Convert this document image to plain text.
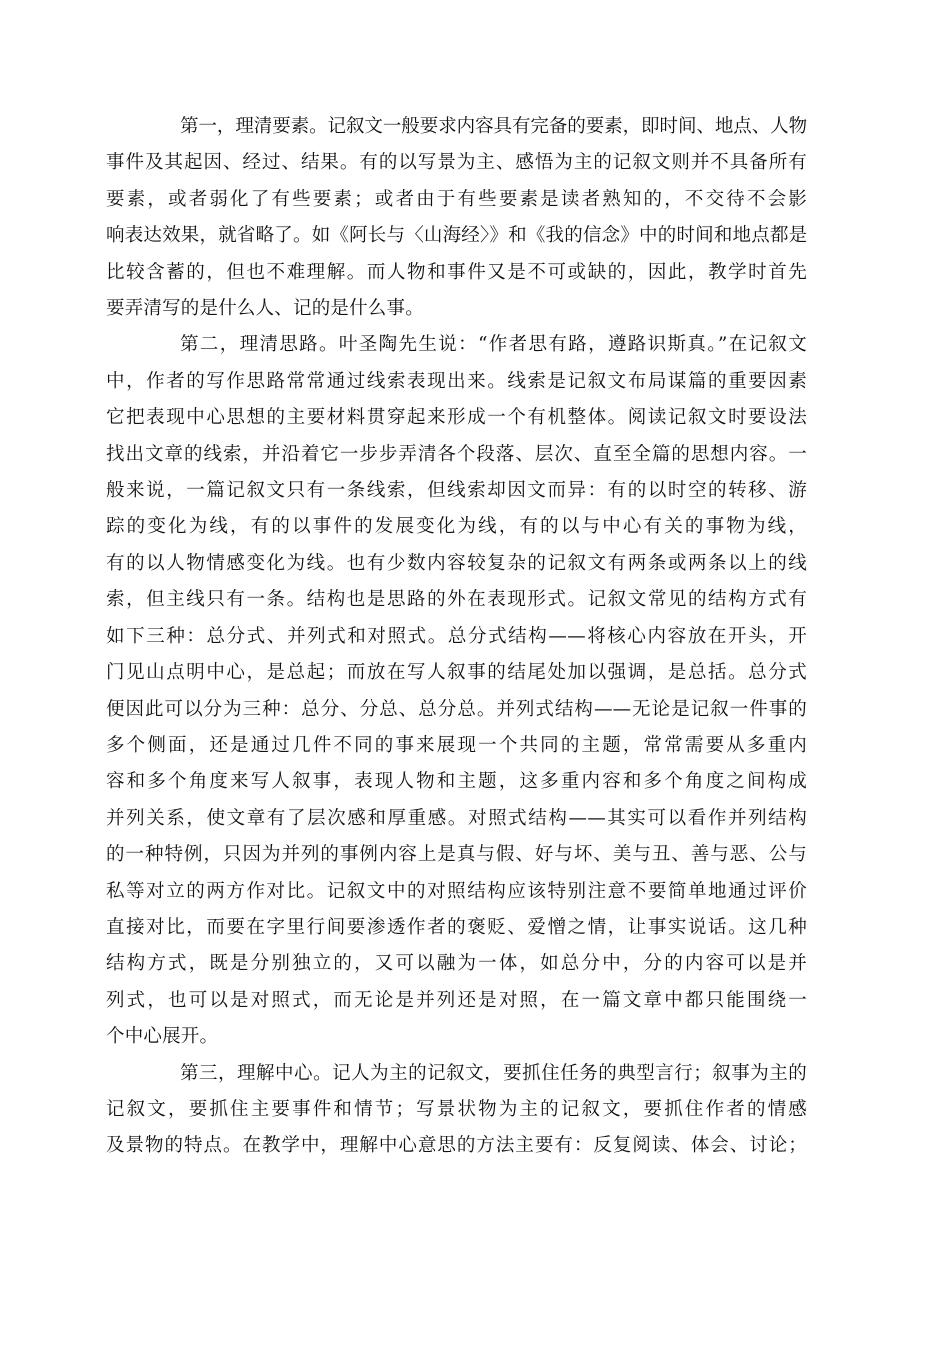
第一，理清要素。记叙文一般要求内容具有完备的要素，即时间、地点、人物
事件及其起因、经过、结果。有的以写景为主、感悟为主的记叙文则并不具备所有
要素，或者弱化了有些要素；或者由于有些要素是读者熟知的，不交待不会影
响表达效果，就省略了。如《阿长与〈山海经〉》和《我的信念》中的时间和地点都是
比较含蓄的，但也不难理解。而人物和事件又是不可或缺的，因此，教学时首先
要弄清写的是什么人、记的是什么事。
第二，理清思路。叶圣陶先生说：“作者思有路，遵路识斯真。”在记叙文
中，作者的写作思路常常通过线索表现出来。线索是记叙文布局谋篇的重要因素
它把表现中心思想的主要材料贯穿起来形成一个有机整体。阅读记叙文时要设法
找出文章的线索，并沿着它一步步弄清各个段落、层次、直至全篇的思想内容。一
般来说，一篇记叙文只有一条线索，但线索却因文而异：有的以时空的转移、游
踪的变化为线，有的以事件的发展变化为线，有的以与中心有关的事物为线，
有的以人物情感变化为线。也有少数内容较复杂的记叙文有两条或两条以上的线
索，但主线只有一条。结构也是思路的外在表现形式。记叙文常见的结构方式有
如下三种：总分式、并列式和对照式。总分式结构——将核心内容放在开头，开
门见山点明中心，是总起；而放在写人叙事的结尾处加以强调，是总括。总分式
便因此可以分为三种：总分、分总、总分总。并列式结构——无论是记叙一件事的
多个侧面，还是通过几件不同的事来展现一个共同的主题，常常需要从多重内
容和多个角度来写人叙事，表现人物和主题，这多重内容和多个角度之间构成
并列关系，使文章有了层次感和厚重感。对照式结构——其实可以看作并列结构
的一种特例，只因为并列的事例内容上是真与假、好与坏、美与丑、善与恶、公与
私等对立的两方作对比。记叙文中的对照结构应该特别注意不要简单地通过评价
直接对比，而要在字里行间要渗透作者的褒贬、爱憎之情，让事实说话。这几种
结构方式，既是分别独立的，又可以融为一体，如总分中，分的内容可以是并
列式，也可以是对照式，而无论是并列还是对照，在一篇文章中都只能围绕一
个中心展开。
第三，理解中心。记人为主的记叙文，要抓住任务的典型言行；叙事为主的
记叙文，要抓住主要事件和情节；写景状物为主的记叙文，要抓住作者的情感
及景物的特点。在教学中，理解中心意思的方法主要有：反复阅读、体会、讨论；
